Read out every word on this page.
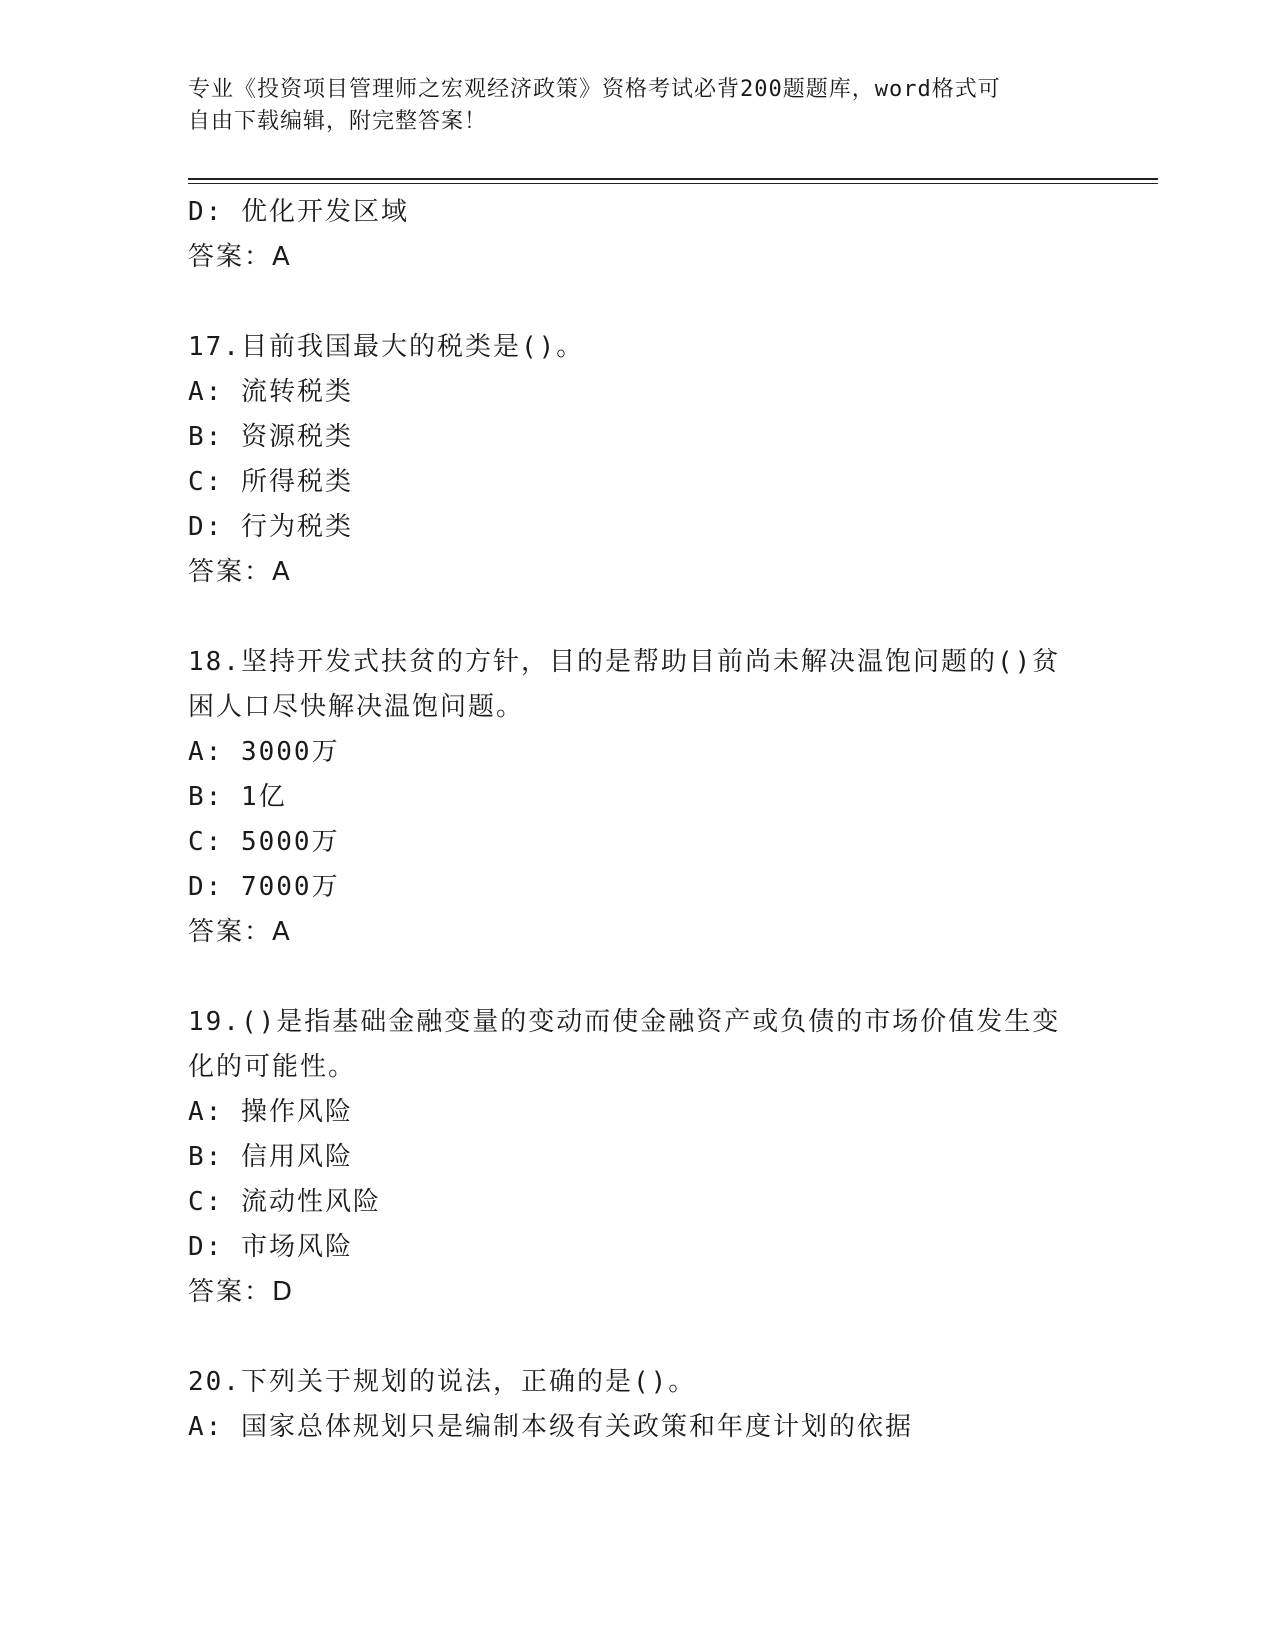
专业《投资项目管理师之宏观经济政策》资格考试必背200题题库，word格式可
自由下载编辑，附完整答案！
D: 优化开发区域
答案：A
17.目前我国最大的税类是()。
A: 流转税类
B: 资源税类
C: 所得税类
D: 行为税类
答案：A
18.坚持开发式扶贫的方针，目的是帮助目前尚未解决温饱问题的()贫
困人口尽快解决温饱问题。
A: 3000万
B: 1亿
C: 5000万
D: 7000万
答案：A
19.()是指基础金融变量的变动而使金融资产或负债的市场价值发生变
化的可能性。
A: 操作风险
B: 信用风险
C: 流动性风险
D: 市场风险
答案：D
20.下列关于规划的说法，正确的是()。
A: 国家总体规划只是编制本级有关政策和年度计划的依据
